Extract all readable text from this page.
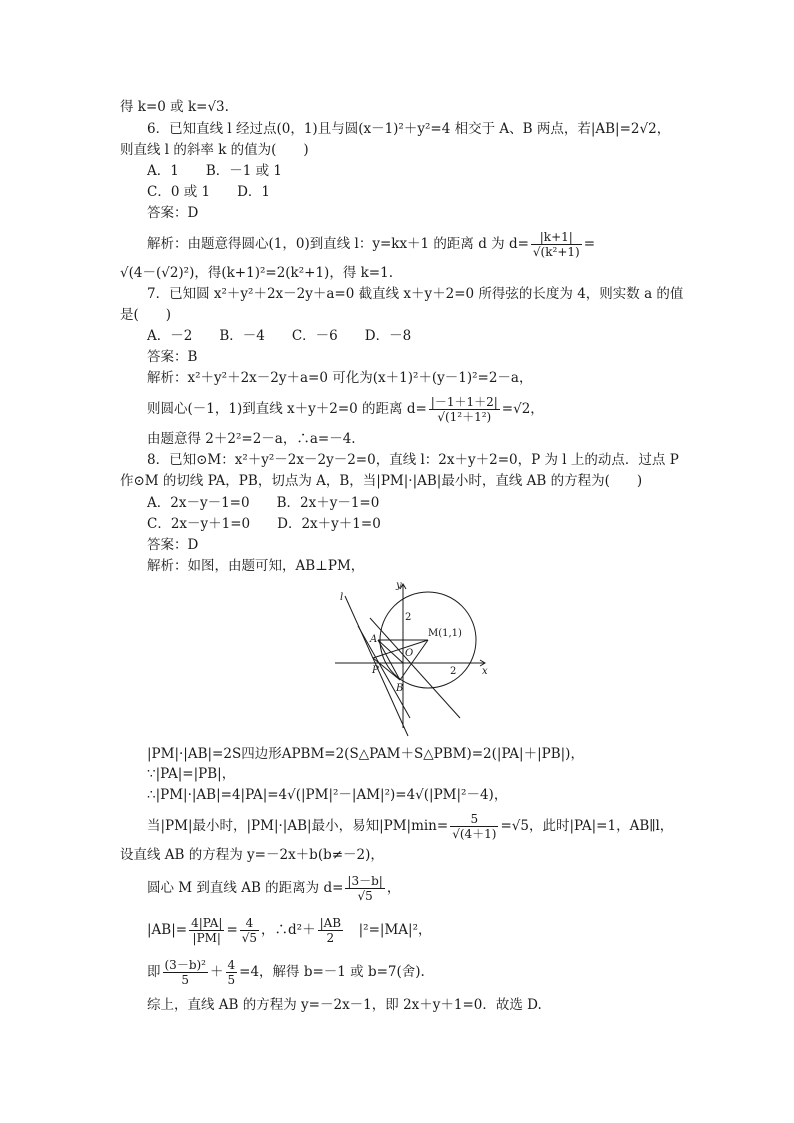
得 k=0 或 k=√3.
6．已知直线 l 经过点(0，1)且与圆(x－1)²＋y²=4 相交于 A、B 两点，若|AB|=2√2，
则直线 l 的斜率 k 的值为(　　)
A．1　　B．－1 或 1
C．0 或 1　　D．1
答案：D
解析：由题意得圆心(1，0)到直线 l：y=kx＋1 的距离 d 为 $d= \frac{|k+1|}{\text{√(k²+1)}}$ =
√(4－(√2)²)，得(k+1)²=2(k²+1)，得 k=1.
7．已知圆 x²＋y²＋2x－2y＋a=0 截直线 x＋y＋2=0 所得弦的长度为 4，则实数 a 的值
是(　　)
A．－2　　B．－4　　C．－6　　D．－8
答案：B
解析：x²＋y²＋2x－2y＋a=0 可化为(x＋1)²＋(y－1)²=2－a，
则圆心(－1，1)到直线 x＋y＋2=0 的距离 $d= \frac{|-1+1+2|}{\text{√(1²＋1²)}} =√2$，
由题意得 2＋2²=2－a，∴a=－4.
8．已知⊙M：x²＋y²－2x－2y－2=0，直线 l：2x＋y＋2=0，P 为 l 上的动点．过点 P
作⊙M 的切线 PA，PB，切点为 A，B，当|PM|·|AB|最小时，直线 AB 的方程为(　　)
A．2x－y－1=0　　B．2x＋y－1=0
C．2x－y＋1=0　　D．2x＋y＋1=0
答案：D
解析：如图，由题可知，AB⊥PM，
l
y
x
A
B
P
O
M(1,1)
2
2
|PM|·|AB|=2S四边形APBM=2(S△PAM＋S△PBM)=2(|PA|＋|PB|)，
∵|PA|=|PB|，
∴|PM|·|AB|=4|PA|=4√(|PM|²－|AM|²)=4√(|PM|²－4)，
当|PM|最小时，|PM|·|AB|最小，易知$|PM|\min= \frac{5}{√(4+1)} =√5$，此时|PA|=1，AB∥l，
设直线 AB 的方程为 y=－2x＋b(b≠－2)，
圆心 M 到直线 AB 的距离为 $d= \frac{|3-b|}{√5}$ ，
$|AB|= \frac{4|PA|}{|PM|} = \frac{4}{√5}$ ，∴d²＋ $\frac{|AB}{2}$ 　|²=|MA|²，
即 $\frac{\text{(3－b)²}}{5} + \frac{4}{5} =4$，解得 b=－1 或 b=7(舍).
综上，直线 AB 的方程为 y=－2x－1，即 2x＋y＋1=0．故选 D.
